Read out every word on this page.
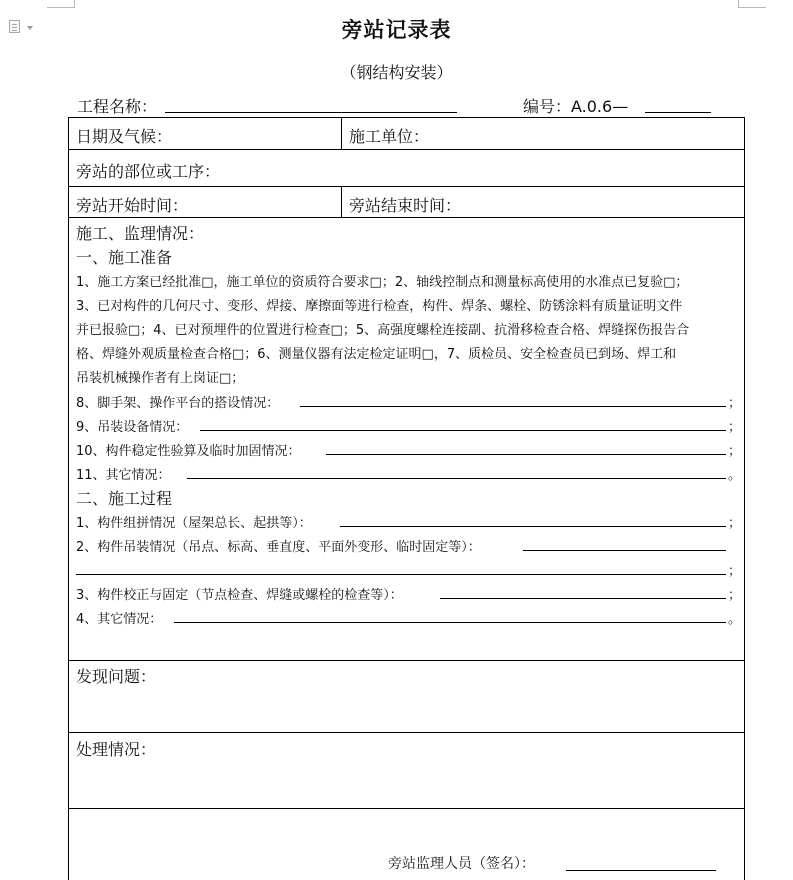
旁站记录表
（钢结构安装）
工程名称：	编号：A.0.6—
日期及气候：	施工单位：
旁站的部位或工序：
旁站开始时间：	旁站结束时间：
施工、监理情况：
一、施工准备
1、施工方案已经批准□，施工单位的资质符合要求□；2、轴线控制点和测量标高使用的水准点已复验□；
3、已对构件的几何尺寸、变形、焊接、摩擦面等进行检查，构件、焊条、螺栓、防锈涂料有质量证明文件
并已报验□；4、已对预埋件的位置进行检查□；5、高强度螺栓连接副、抗滑移检查合格、焊缝探伤报告合
格、焊缝外观质量检查合格□；6、测量仪器有法定检定证明□，7、质检员、安全检查员已到场、焊工和
吊装机械操作者有上岗证□；
8、脚手架、操作平台的搭设情况：	；
9、吊装设备情况：	；
10、构件稳定性验算及临时加固情况：	；
11、其它情况：	。
二、施工过程
1、构件组拼情况（屋架总长、起拱等）：	；
2、构件吊装情况（吊点、标高、垂直度、平面外变形、临时固定等）：
；
3、构件校正与固定（节点检查、焊缝或螺栓的检查等）：	；
4、其它情况：	。
发现问题：
处理情况：
旁站监理人员（签名）：
